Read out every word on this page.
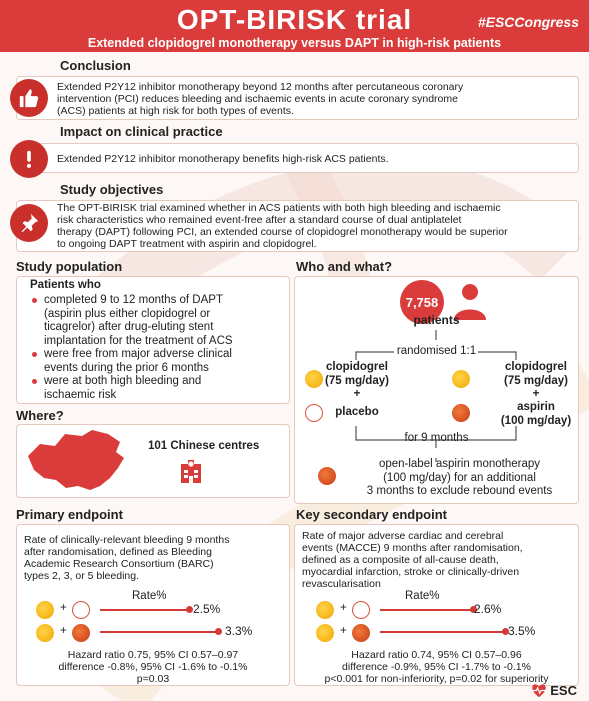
OPT-BIRISK trial	#ESCCongress
Extended clopidogrel monotherapy versus DAPT in high-risk patients
Conclusion
Extended P2Y12 inhibitor monotherapy beyond 12 months after percutaneous coronary
intervention (PCI) reduces bleeding and ischaemic events in acute coronary syndrome
(ACS) patients at high risk for both types of events.
Impact on clinical practice
Extended P2Y12 inhibitor monotherapy benefits high-risk ACS patients.
Study objectives
The OPT-BIRISK trial examined whether in ACS patients with both high bleeding and ischaemic
risk characteristics who remained event-free after a standard course of dual antiplatelet
therapy (DAPT) following PCI, an extended course of clopidogrel monotherapy would be superior
to ongoing DAPT treatment with aspirin and clopidogrel.
Study population
Patients who
completed 9 to 12 months of DAPT
(aspirin plus either clopidogrel or
ticagrelor) after drug-eluting stent
implantation for the treatment of ACS
were free from major adverse clinical
events during the prior 6 months
were at both high bleeding and
ischaemic risk
Where?
101 Chinese centres
Who and what?
7,758
patients
randomised 1:1
clopidogrel
(75 mg/day)
+
placebo
clopidogrel
(75 mg/day)
+
aspirin
(100 mg/day)
for 9 months
open-label aspirin monotherapy
(100 mg/day) for an additional
3 months to exclude rebound events
Primary endpoint
Rate of clinically-relevant bleeding 9 months
after randomisation, defined as Bleeding
Academic Research Consortium (BARC)
types 2, 3, or 5 bleeding.
Rate%
+	2.5%
+	3.3%
Hazard ratio 0.75, 95% CI 0.57–0.97
difference -0.8%, 95% CI -1.6% to -0.1%
p=0.03
Key secondary endpoint
Rate of major adverse cardiac and cerebral
events (MACCE) 9 months after randomisation,
defined as a composite of all-cause death,
myocardial infarction, stroke or clinically-driven
revascularisation
Rate%
+	2.6%
+	3.5%
Hazard ratio 0.74, 95% CI 0.57–0.96
difference -0.9%, 95% CI -1.7% to -0.1%
p<0.001 for non-inferiority, p=0.02 for superiority
ESC
